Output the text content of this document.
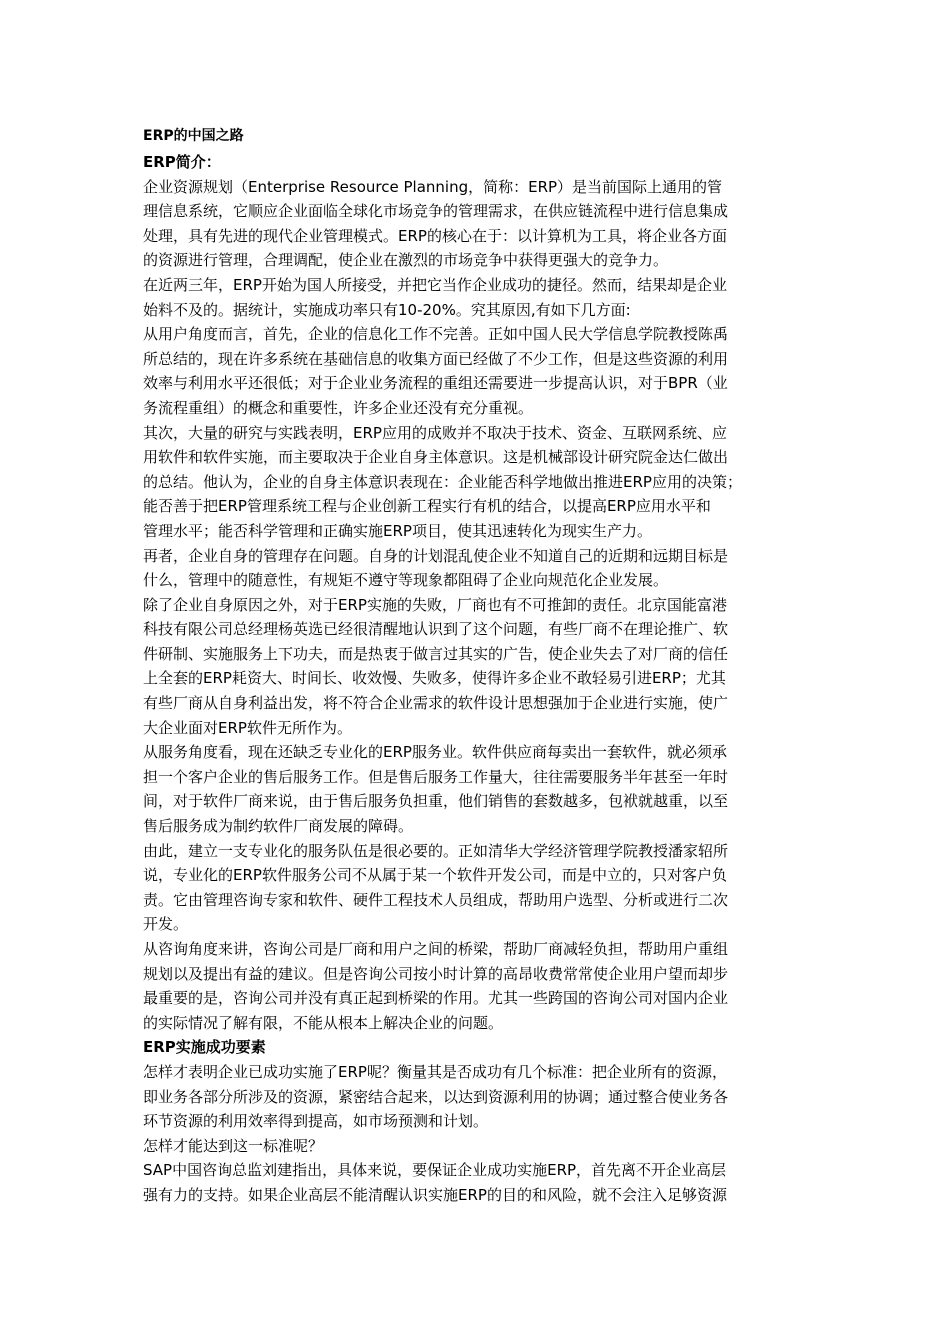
ERP的中国之路
ERP简介：

企业资源规划（Enterprise Resource Planning，简称：ERP）是当前国际上通用的管
理信息系统，它顺应企业面临全球化市场竞争的管理需求，在供应链流程中进行信息集成
处理，具有先进的现代企业管理模式。ERP的核心在于：以计算机为工具，将企业各方面
的资源进行管理，合理调配，使企业在激烈的市场竞争中获得更强大的竞争力。

在近两三年，ERP开始为国人所接受，并把它当作企业成功的捷径。然而，结果却是企业
始料不及的。据统计，实施成功率只有10-20%。究其原因,有如下几方面:

从用户角度而言，首先，企业的信息化工作不完善。正如中国人民大学信息学院教授陈禹
所总结的，现在许多系统在基础信息的收集方面已经做了不少工作，但是这些资源的利用
效率与利用水平还很低；对于企业业务流程的重组还需要进一步提高认识，对于BPR（业
务流程重组）的概念和重要性，许多企业还没有充分重视。

其次，大量的研究与实践表明，ERP应用的成败并不取决于技术、资金、互联网系统、应
用软件和软件实施，而主要取决于企业自身主体意识。这是机械部设计研究院金达仁做出
的总结。他认为，企业的自身主体意识表现在：企业能否科学地做出推进ERP应用的决策；
能否善于把ERP管理系统工程与企业创新工程实行有机的结合，以提高ERP应用水平和
管理水平；能否科学管理和正确实施ERP项目，使其迅速转化为现实生产力。

再者，企业自身的管理存在问题。自身的计划混乱使企业不知道自己的近期和远期目标是
什么，管理中的随意性，有规矩不遵守等现象都阻碍了企业向规范化企业发展。

除了企业自身原因之外，对于ERP实施的失败，厂商也有不可推卸的责任。北京国能富港
科技有限公司总经理杨英选已经很清醒地认识到了这个问题，有些厂商不在理论推广、软
件研制、实施服务上下功夫，而是热衷于做言过其实的广告，使企业失去了对厂商的信任
上全套的ERP耗资大、时间长、收效慢、失败多，使得许多企业不敢轻易引进ERP；尤其
有些厂商从自身利益出发，将不符合企业需求的软件设计思想强加于企业进行实施，使广
大企业面对ERP软件无所作为。

从服务角度看，现在还缺乏专业化的ERP服务业。软件供应商每卖出一套软件，就必须承
担一个客户企业的售后服务工作。但是售后服务工作量大，往往需要服务半年甚至一年时
间，对于软件厂商来说，由于售后服务负担重，他们销售的套数越多，包袱就越重，以至
售后服务成为制约软件厂商发展的障碍。

由此，建立一支专业化的服务队伍是很必要的。正如清华大学经济管理学院教授潘家轺所
说，专业化的ERP软件服务公司不从属于某一个软件开发公司，而是中立的，只对客户负
责。它由管理咨询专家和软件、硬件工程技术人员组成，帮助用户选型、分析或进行二次
开发。

从咨询角度来讲，咨询公司是厂商和用户之间的桥梁，帮助厂商减轻负担，帮助用户重组
规划以及提出有益的建议。但是咨询公司按小时计算的高昂收费常常使企业用户望而却步
最重要的是，咨询公司并没有真正起到桥梁的作用。尤其一些跨国的咨询公司对国内企业
的实际情况了解有限，不能从根本上解决企业的问题。

ERP实施成功要素

怎样才表明企业已成功实施了ERP呢？衡量其是否成功有几个标准：把企业所有的资源，
即业务各部分所涉及的资源，紧密结合起来，以达到资源利用的协调；通过整合使业务各
环节资源的利用效率得到提高，如市场预测和计划。

怎样才能达到这一标准呢？

SAP中国咨询总监刘建指出，具体来说，要保证企业成功实施ERP，首先离不开企业高层
强有力的支持。如果企业高层不能清醒认识实施ERP的目的和风险，就不会注入足够资源
